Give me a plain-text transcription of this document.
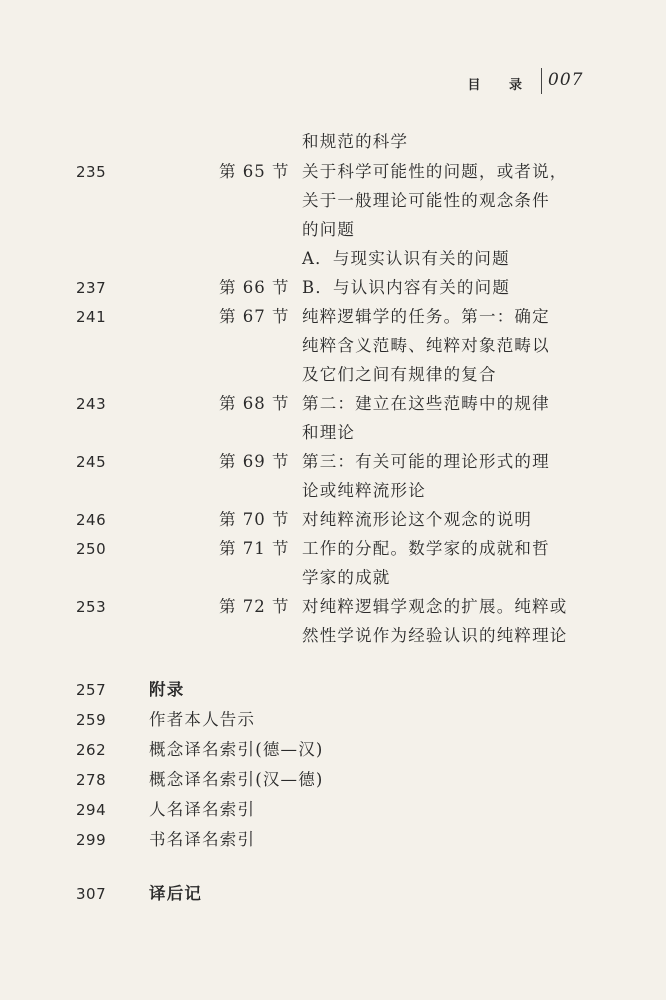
目 录 007
和规范的科学
235	第 65 节 关于科学可能性的问题，或者说，
关于一般理论可能性的观念条件
的问题
A．与现实认识有关的问题
237	第 66 节 B．与认识内容有关的问题
241	第 67 节 纯粹逻辑学的任务。第一：确定
纯粹含义范畴、纯粹对象范畴以
及它们之间有规律的复合
243	第 68 节 第二：建立在这些范畴中的规律
和理论
245	第 69 节 第三：有关可能的理论形式的理
论或纯粹流形论
246	第 70 节 对纯粹流形论这个观念的说明
250	第 71 节 工作的分配。数学家的成就和哲
学家的成就
253	第 72 节 对纯粹逻辑学观念的扩展。纯粹或
然性学说作为经验认识的纯粹理论
257	附录
259	作者本人告示
262	概念译名索引(德—汉)
278	概念译名索引(汉—德)
294	人名译名索引
299	书名译名索引
307	译后记
